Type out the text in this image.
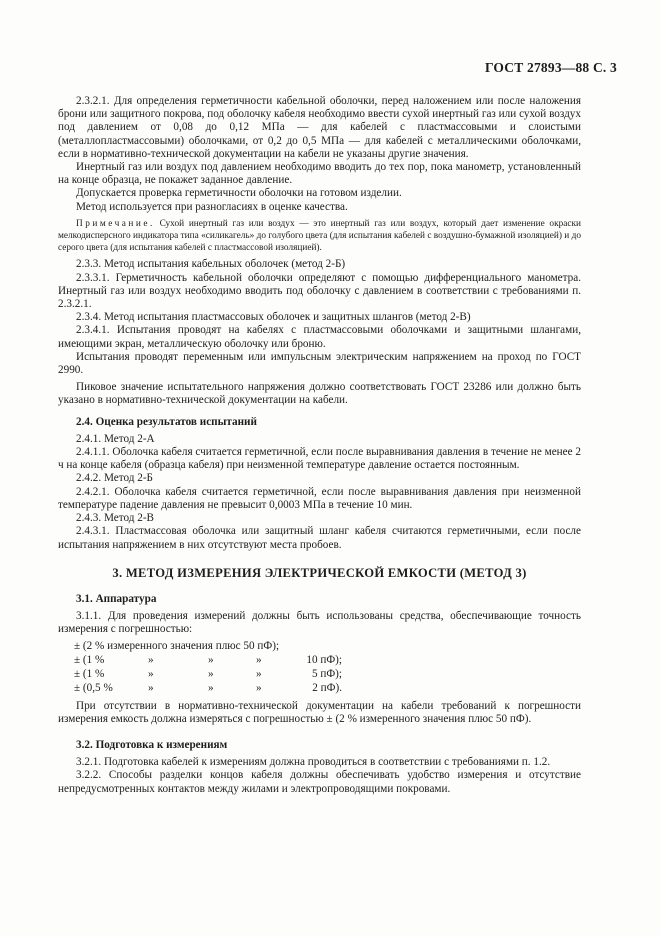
ГОСТ 27893—88 С. 3

2.3.2.1. Для определения герметичности кабельной оболочки, перед наложением или после наложения брони или защитного покрова, под оболочку кабеля необходимо ввести сухой инертный газ или сухой воздух под давлением от 0,08 до 0,12 МПа — для кабелей с пластмассовыми и слоистыми (металлопластмассовыми) оболочками, от 0,2 до 0,5 МПа — для кабелей с металлическими оболочками, если в нормативно-технической документации на кабели не указаны другие значения.

Инертный газ или воздух под давлением необходимо вводить до тех пор, пока манометр, установленный на конце образца, не покажет заданное давление.

Допускается проверка герметичности оболочки на готовом изделии.

Метод используется при разногласиях в оценке качества.

Примечание. Сухой инертный газ или воздух — это инертный газ или воздух, который дает изменение окраски мелкодисперсного индикатора типа «силикагель» до голубого цвета (для испытания кабелей с воздушно-бумажной изоляцией) и до серого цвета (для испытания кабелей с пластмассовой изоляцией).

2.3.3. Метод испытания кабельных оболочек (метод 2-Б)

2.3.3.1. Герметичность кабельной оболочки определяют с помощью дифференциального манометра. Инертный газ или воздух необходимо вводить под оболочку с давлением в соответствии с требованиями п. 2.3.2.1.

2.3.4. Метод испытания пластмассовых оболочек и защитных шлангов (метод 2-В)

2.3.4.1. Испытания проводят на кабелях с пластмассовыми оболочками и защитными шлангами, имеющими экран, металлическую оболочку или броню.

Испытания проводят переменным или импульсным электрическим напряжением на проход по ГОСТ 2990.

Пиковое значение испытательного напряжения должно соответствовать ГОСТ 23286 или должно быть указано в нормативно-технической документации на кабели.

2.4. Оценка результатов испытаний

2.4.1. Метод 2-А

2.4.1.1. Оболочка кабеля считается герметичной, если после выравнивания давления в течение не менее 2 ч на конце кабеля (образца кабеля) при неизменной температуре давление остается постоянным.

2.4.2. Метод 2-Б

2.4.2.1. Оболочка кабеля считается герметичной, если после выравнивания давления при неизменной температуре падение давления не превысит 0,0003 МПа в течение 10 мин.

2.4.3. Метод 2-В

2.4.3.1. Пластмассовая оболочка или защитный шланг кабеля считаются герметичными, если после испытания напряжением в них отсутствуют места пробоев.

3. МЕТОД ИЗМЕРЕНИЯ ЭЛЕКТРИЧЕСКОЙ ЕМКОСТИ (МЕТОД 3)

3.1. Аппаратура

3.1.1. Для проведения измерений должны быть использованы средства, обеспечивающие точность измерения с погрешностью:

± (2 % измеренного значения плюс 50 пФ);				
± (1 %	»	»	»	10 пФ);
± (1 %	»	»	»	5 пФ);
± (0,5 %	»	»	»	2 пФ).

При отсутствии в нормативно-технической документации на кабели требований к погрешности измерения емкость должна измеряться с погрешностью ± (2 % измеренного значения плюс 50 пФ).

3.2. Подготовка к измерениям

3.2.1. Подготовка кабелей к измерениям должна проводиться в соответствии с требованиями п. 1.2.

3.2.2. Способы разделки концов кабеля должны обеспечивать удобство измерения и отсутствие непредусмотренных контактов между жилами и электропроводящими покровами.
